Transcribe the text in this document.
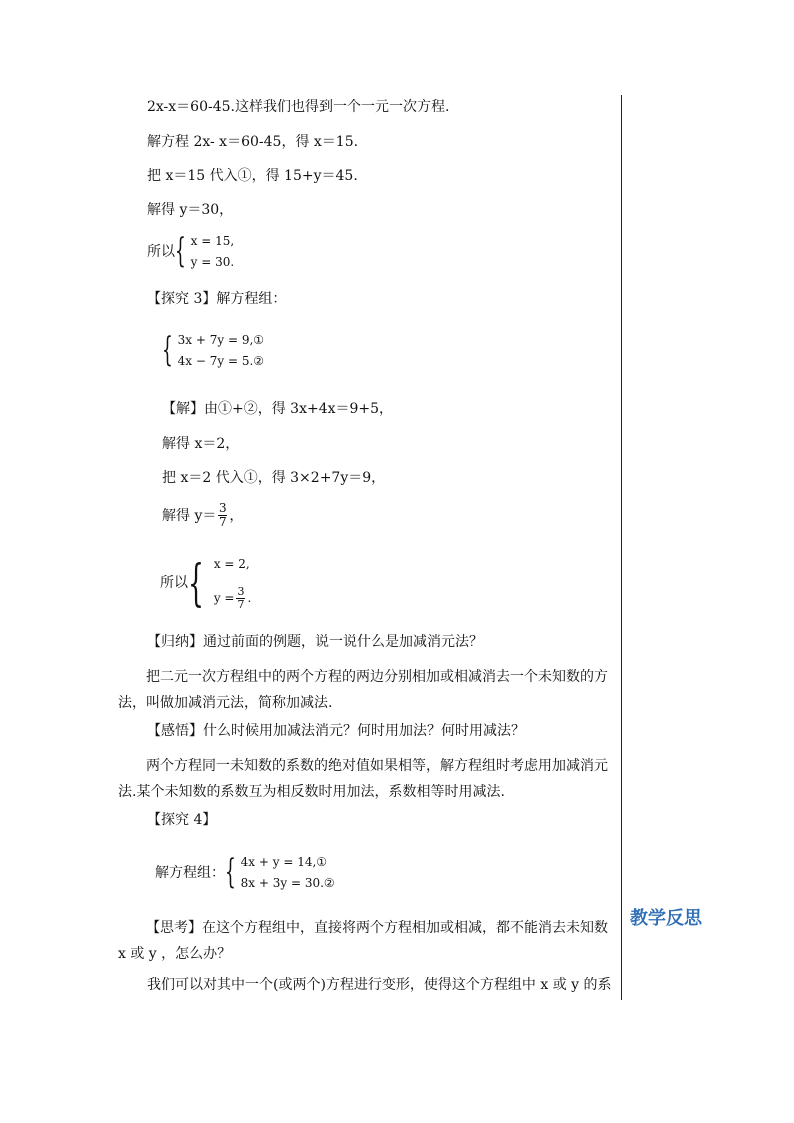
2x-x＝60-45.这样我们也得到一个一元一次方程.
解方程 2x- x＝60-45，得 x＝15.
把 x＝15 代入①，得 15+y＝45.
解得 y＝30，
所以 { x = 15,
y = 30.
【探究 3】解方程组：
{ 3x + 7y = 9,①
4x − 7y = 5.②
【解】由①+②，得 3x+4x＝9+5，
解得 x＝2，
把 x＝2 代入①，得 3×2+7y＝9，
解得 $y= \frac{3}{7}$ ，
所以 { x = 2,
$y = \frac{3}{7}$ .
【归纳】通过前面的例题，说一说什么是加减消元法？
把二元一次方程组中的两个方程的两边分别相加或相减消去一个未知数的方法，叫做加减消元法，简称加减法.
【感悟】什么时候用加减法消元？何时用加法？何时用减法？
两个方程同一未知数的系数的绝对值如果相等，解方程组时考虑用加减消元法.某个未知数的系数互为相反数时用加法，系数相等时用减法.
【探究 4】
解方程组： { 4x + y = 14,①
8x + 3y = 30.②
【思考】在这个方程组中，直接将两个方程相加或相减，都不能消去未知数 x 或 y ，怎么办？
我们可以对其中一个(或两个)方程进行变形，使得这个方程组中 x 或 y 的系
教学反思
